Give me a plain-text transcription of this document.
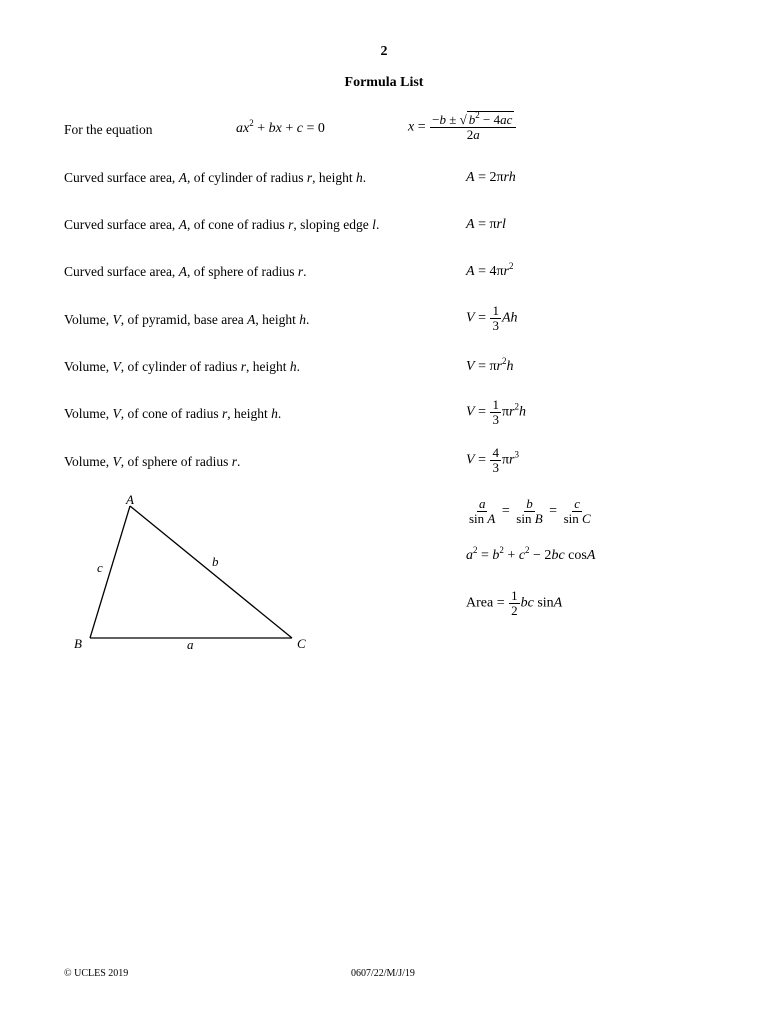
2
Formula List
For the equation	$ax^2$ + bx + c = 0	$x = \frac{-b \pm √ b^2 - 4ac}{2a}$
Curved surface area, A, of cylinder of radius r, height h.	A = 2πrh
Curved surface area, A, of cone of radius r, sloping edge l.	A = πrl
Curved surface area, A, of sphere of radius r.	$A = 4\pi r^2$
Volume, V, of pyramid, base area A, height h.	$V = \frac{1}{3}$ Ah
Volume, V, of cylinder of radius r, height h.	$V = \pi r^2h$
Volume, V, of cone of radius r, height h.	$V = \frac{1}{3} \pi r^2h$
Volume, V, of sphere of radius r.	$V = \frac{4}{3} \pi r^3$
A
B	C
a
b
c
$\frac{a}{\text{sin A}} = \frac{b}{\text{sin B}} = \frac{c}{\text{sin C}}$
$a^2 = b^2 + c^2 - 2bc$ cosA
Area = $\frac{1}{2}$ bc sinA
© UCLES 2019	0607/22/M/J/19
